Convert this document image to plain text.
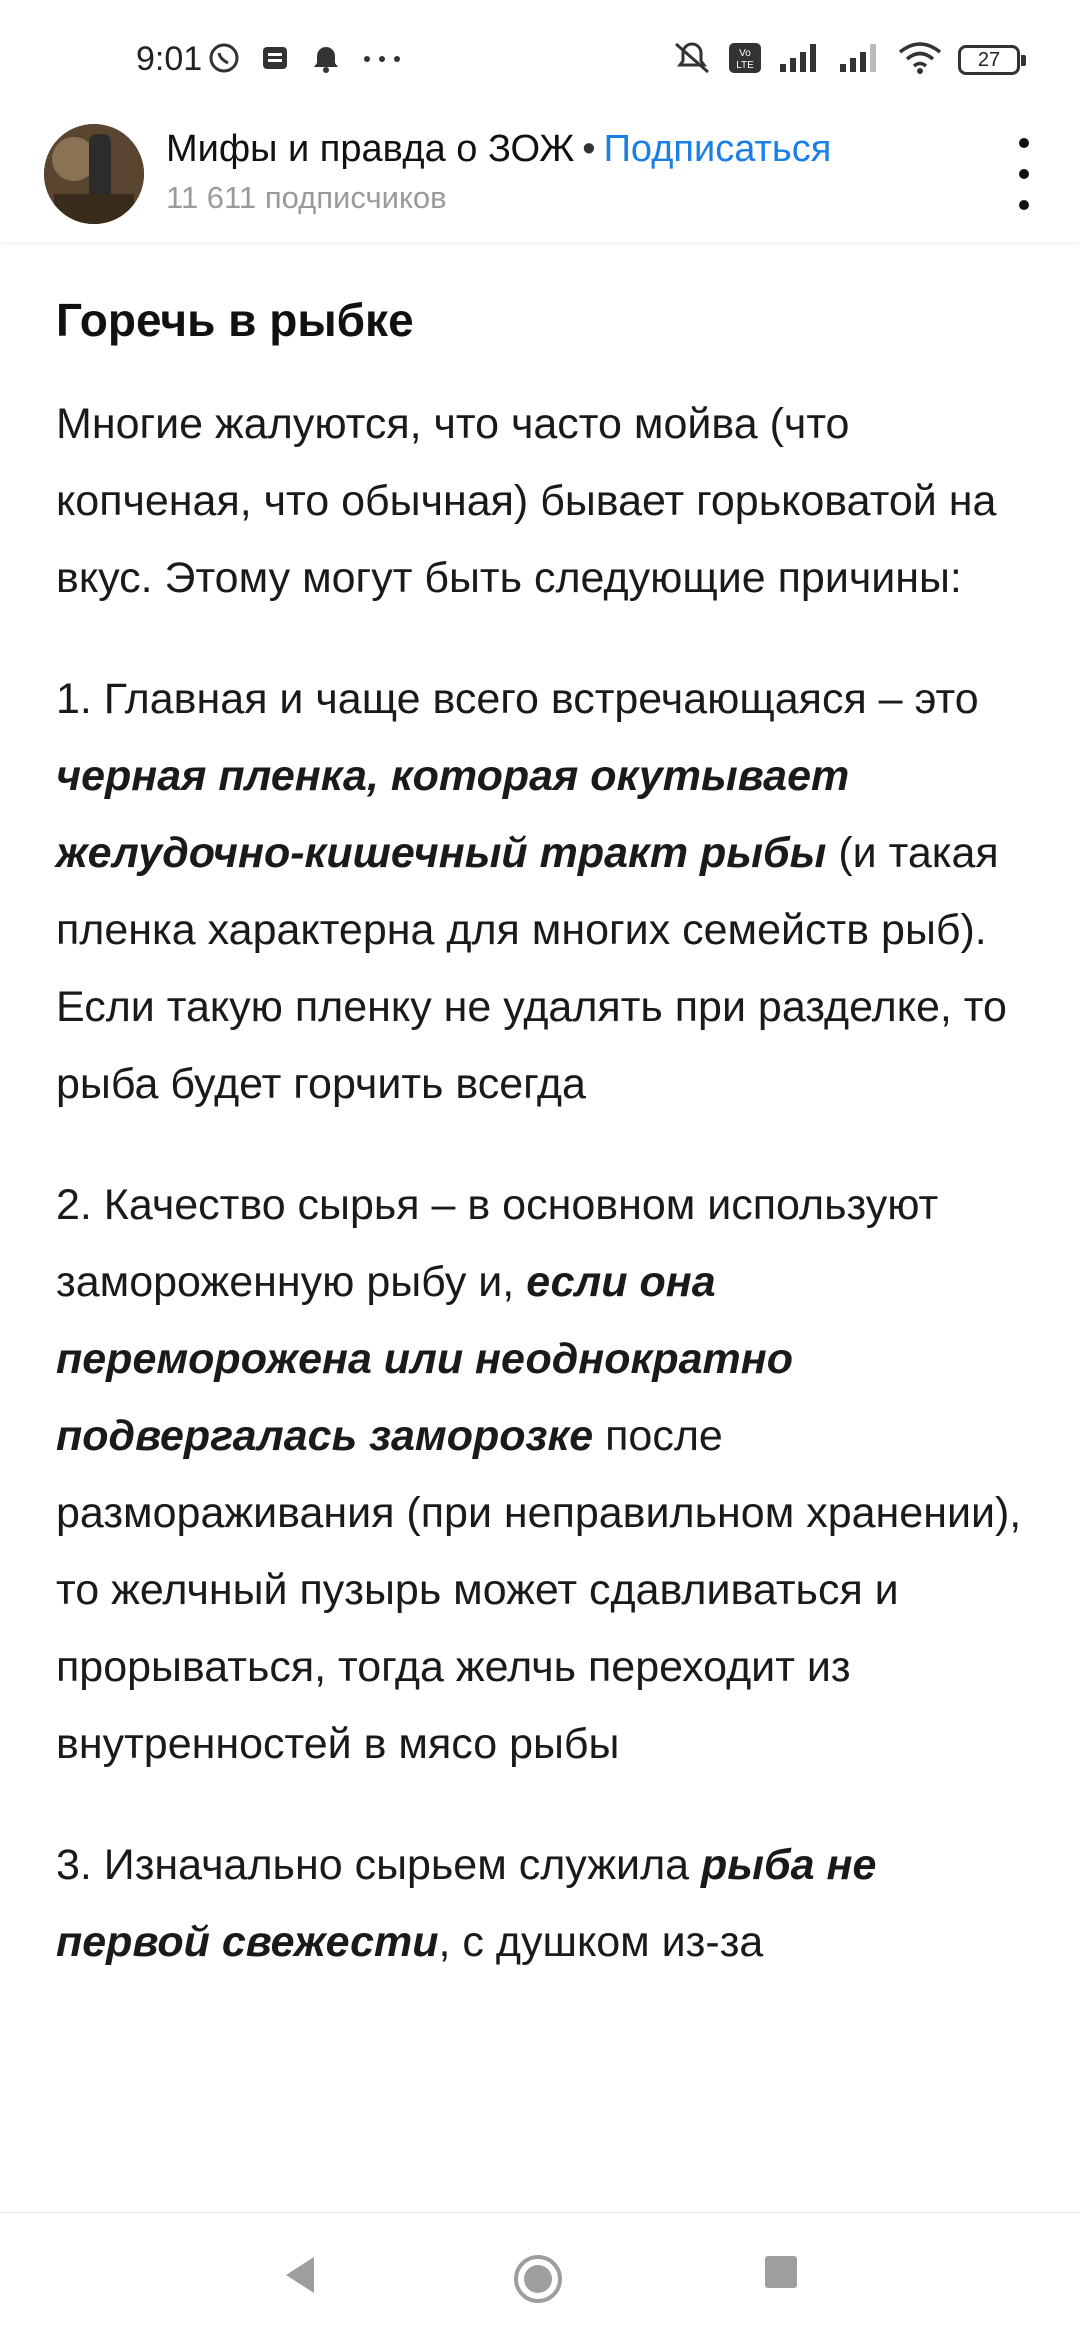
9:01	Vo
LTE	27
Мифы и правда о ЗОЖ • Подписаться
11 611 подписчиков
Горечь в рыбке

Многие жалуются, что часто мойва (что копченая, что обычная) бывает горьковатой на вкус. Этому могут быть следующие причины:

1. Главная и чаще всего встречающаяся – это черная пленка, которая окутывает желудочно-кишечный тракт рыбы (и такая пленка характерна для многих семейств рыб). Если такую пленку не удалять при разделке, то рыба будет горчить всегда

2. Качество сырья – в основном используют замороженную рыбу и, если она переморожена или неоднократно подвергалась заморозке после размораживания (при неправильном хранении), то желчный пузырь может сдавливаться и прорываться, тогда желчь переходит из внутренностей в мясо рыбы

3. Изначально сырьем служила рыба не первой свежести, с душком из-за
